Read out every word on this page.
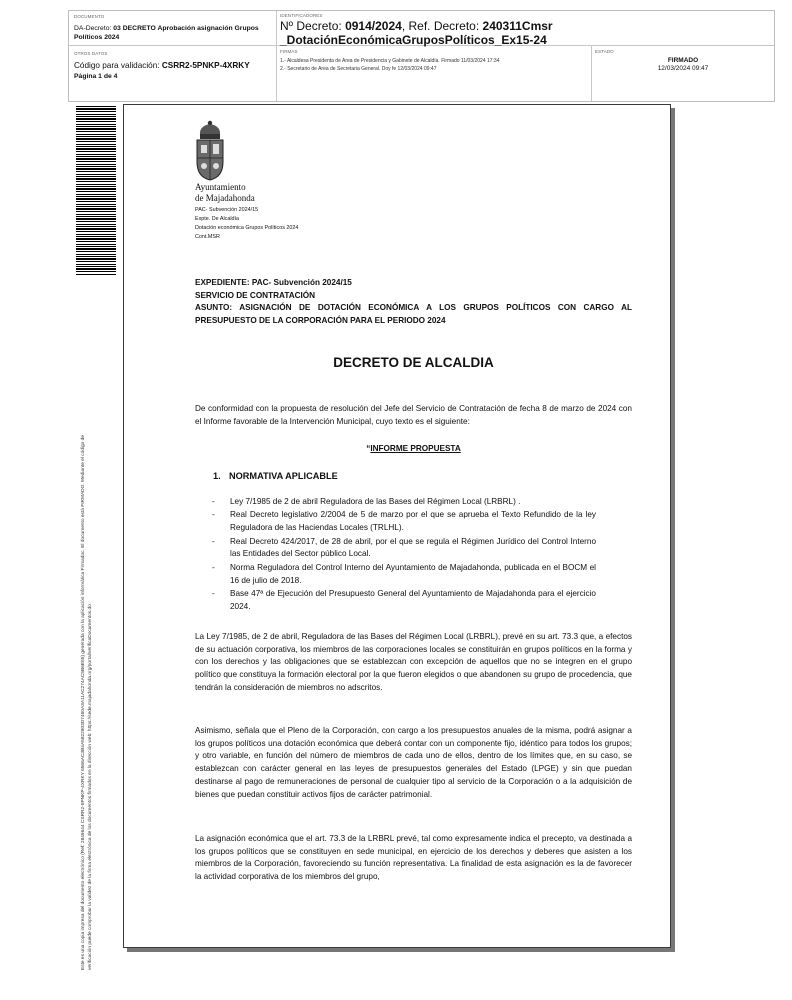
DOCUMENTO
DA-Decreto: 03 DECRETO Aprobación asignación Grupos Políticos 2024
IDENTIFICADORES
Nº Decreto: 0914/2024, Ref. Decreto: 240311Cmsr _DotaciónEconómicaGruposPolíticos_Ex15-24
OTROS DATOS
Código para validación: CSRR2-5PNKP-4XRKY
Página 1 de 4
FIRMAS
1.- Alcaldesa Presidenta de Area de Presidencia y Gabinete de Alcaldía. Firmado 11/03/2024 17:34
2.- Secretario de Area de Secretaria General. Doy fe 12/03/2024 09:47
ESTADO
FIRMADO
12/03/2024 09:47
Este es una copia impresa del documento electrónico (Ref: 2849644 CSRR2-5PNKP-4XRKY 6566AC3B4A5822803D7460A3A11AC274AC5B6E65) generada con la aplicación informática Firmadoc. El documento está FIRMADO. Mediante el código de verificación puede comprobar la validez de la firma electrónica de los documentos firmados en la dirección web: https://sede.majadahonda.org/portal/verificaDocumentos.do
Ayuntamiento
de Majadahonda
PAC- Subvención 2024/15
Expte. De Alcaldía
Dotación económica Grupos Políticos 2024
Cont.MSR
EXPEDIENTE: PAC- Subvención 2024/15
SERVICIO DE CONTRATACIÓN
ASUNTO: ASIGNACIÓN DE DOTACIÓN ECONÓMICA A LOS GRUPOS POLÍTICOS CON CARGO AL PRESUPUESTO DE LA CORPORACIÓN PARA EL PERIODO 2024
DECRETO DE ALCALDIA
De conformidad con la propuesta de resolución del Jefe del Servicio de Contratación de fecha 8 de marzo de 2024 con el Informe favorable de la Intervención Municipal, cuyo texto es el siguiente:
“INFORME PROPUESTA
1. NORMATIVA APLICABLE
- Ley 7/1985 de 2 de abril Reguladora de las Bases del Régimen Local (LRBRL) .
- Real Decreto legislativo 2/2004 de 5 de marzo por el que se aprueba el Texto Refundido de la ley Reguladora de las Haciendas Locales (TRLHL).
- Real Decreto 424/2017, de 28 de abril, por el que se regula el Régimen Jurídico del Control Interno las Entidades del Sector público Local.
- Norma Reguladora del Control Interno del Ayuntamiento de Majadahonda, publicada en el BOCM el 16 de julio de 2018.
- Base 47ª de Ejecución del Presupuesto General del Ayuntamiento de Majadahonda para el ejercicio 2024.
La Ley 7/1985, de 2 de abril, Reguladora de las Bases del Régimen Local (LRBRL), prevé en su art. 73.3 que, a efectos de su actuación corporativa, los miembros de las corporaciones locales se constituirán en grupos políticos en la forma y con los derechos y las obligaciones que se establezcan con excepción de aquellos que no se integren en el grupo político que constituya la formación electoral por la que fueron elegidos o que abandonen su grupo de procedencia, que tendrán la consideración de miembros no adscritos.
Asimismo, señala que el Pleno de la Corporación, con cargo a los presupuestos anuales de la misma, podrá asignar a los grupos políticos una dotación económica que deberá contar con un componente fijo, idéntico para todos los grupos; y otro variable, en función del número de miembros de cada uno de ellos, dentro de los límites que, en su caso, se establezcan con carácter general en las leyes de presupuestos generales del Estado (LPGE) y sin que puedan destinarse al pago de remuneraciones de personal de cualquier tipo al servicio de la Corporación o a la adquisición de bienes que puedan constituir activos fijos de carácter patrimonial.
La asignación económica que el art. 73.3 de la LRBRL prevé, tal como expresamente indica el precepto, va destinada a los grupos políticos que se constituyen en sede municipal, en ejercicio de los derechos y deberes que asisten a los miembros de la Corporación, favoreciendo su función representativa. La finalidad de esta asignación es la de favorecer la actividad corporativa de los miembros del grupo,
